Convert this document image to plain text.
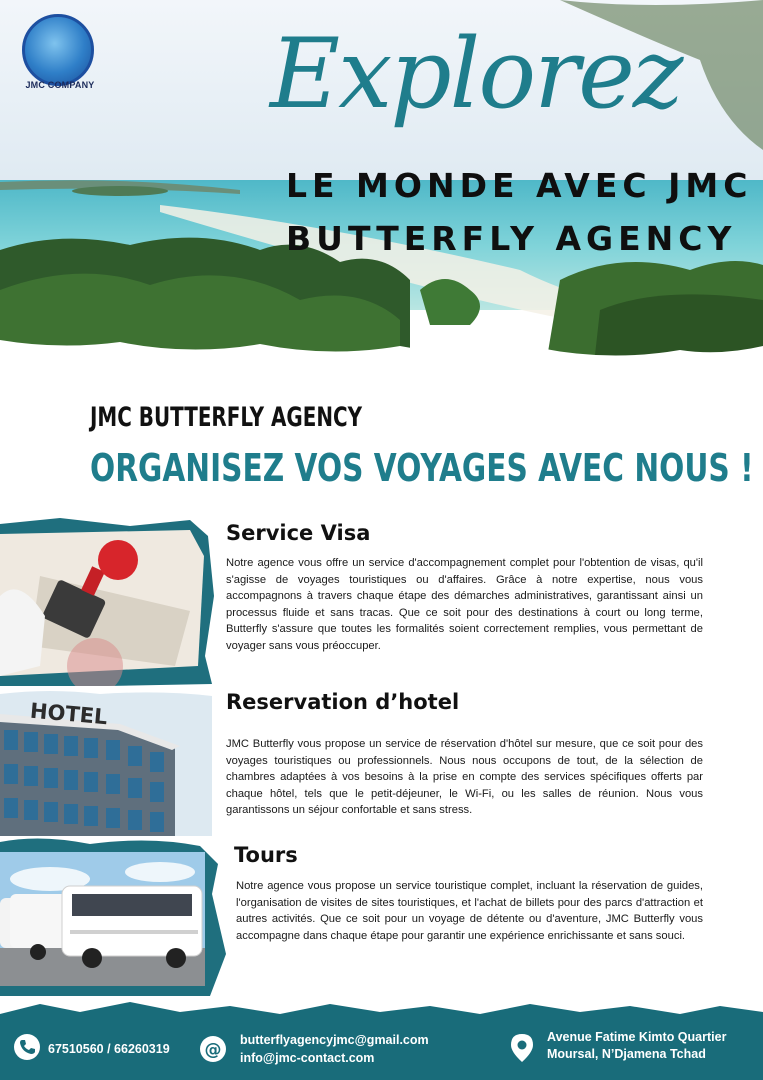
JMC COMPANY Explorez
LE MONDE AVEC JMC
BUTTERFLY AGENCY
JMC BUTTERFLY AGENCY
ORGANISEZ VOS VOYAGES AVEC NOUS !
Service Visa

Notre agence vous offre un service d'accompagnement complet pour l'obtention de visas, qu'il s'agisse de voyages touristiques ou d'affaires. Grâce à notre expertise, nous vous accompagnons à travers chaque étape des démarches administratives, garantissant ainsi un processus fluide et sans tracas. Que ce soit pour des destinations à court ou long terme, Butterfly s'assure que toutes les formalités soient correctement remplies, vous permettant de voyager sans vous préoccuper.

HOTEL	Reservation d’hotel

JMC Butterfly vous propose un service de réservation d'hôtel sur mesure, que ce soit pour des voyages touristiques ou professionnels. Nous nous occupons de tout, de la sélection de chambres adaptées à vos besoins à la prise en compte des services spécifiques offerts par chaque hôtel, tels que le petit-déjeuner, le Wi-Fi, ou les salles de réunion. Nous vous garantissons un séjour confortable et sans stress.

Tours

Notre agence vous propose un service touristique complet, incluant la réservation de guides, l'organisation de visites de sites touristiques, et l'achat de billets pour des parcs d'attraction et autres activités. Que ce soit pour un voyage de détente ou d'aventure, JMC Butterfly vous accompagne dans chaque étape pour garantir une expérience enrichissante et sans souci.

67510560 / 66260319 @ butterflyagencyjmc@gmail.com
info@jmc-contact.com
Avenue Fatime Kimto Quartier
Moursal, N’Djamena Tchad
